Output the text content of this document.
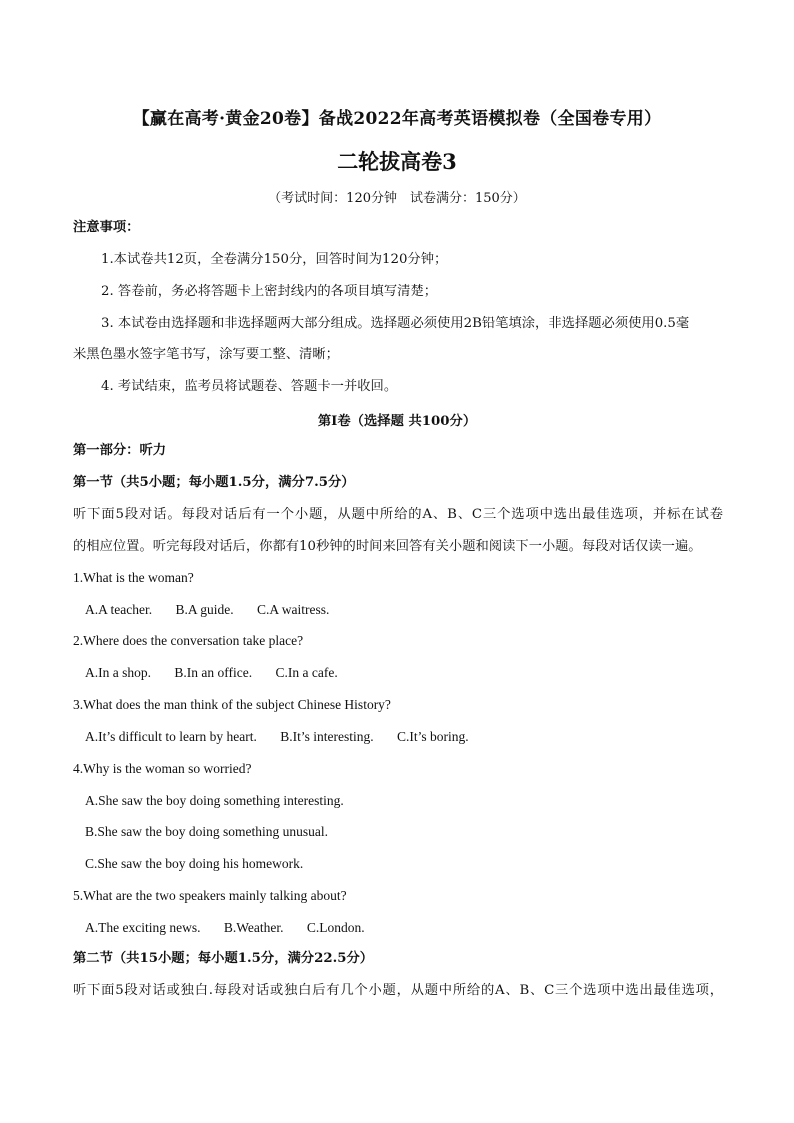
【赢在高考·黄金20卷】备战2022年高考英语模拟卷（全国卷专用）
二轮拔高卷3
（考试时间：120分钟　试卷满分：150分）
注意事项：
1.本试卷共12页，全卷满分150分，回答时间为120分钟；
2. 答卷前，务必将答题卡上密封线内的各项目填写清楚；
3. 本试卷由选择题和非选择题两大部分组成。选择题必须使用2B铅笔填涂，非选择题必须使用0.5毫
米黑色墨水签字笔书写，涂写要工整、清晰；
4. 考试结束，监考员将试题卷、答题卡一并收回。
第I卷（选择题 共100分）
第一部分：听力
第一节（共5小题；每小题1.5分，满分7.5分）
听下面5段对话。每段对话后有一个小题，从题中所给的A、B、C三个选项中选出最佳选项，并标在试卷
的相应位置。听完每段对话后，你都有10秒钟的时间来回答有关小题和阅读下一小题。每段对话仅读一遍。
1.What is the woman?
A.A teacher. B.A guide. C.A waitress.
2.Where does the conversation take place?
A.In a shop. B.In an office. C.In a cafe.
3.What does the man think of the subject Chinese History?
A.It’s difficult to learn by heart. B.It’s interesting. C.It’s boring.
4.Why is the woman so worried?
A.She saw the boy doing something interesting.
B.She saw the boy doing something unusual.
C.She saw the boy doing his homework.
5.What are the two speakers mainly talking about?
A.The exciting news. B.Weather. C.London.
第二节（共15小题；每小题1.5分，满分22.5分）
听下面5段对话或独白.每段对话或独白后有几个小题，从题中所给的A、B、C三个选项中选出最佳选项，
